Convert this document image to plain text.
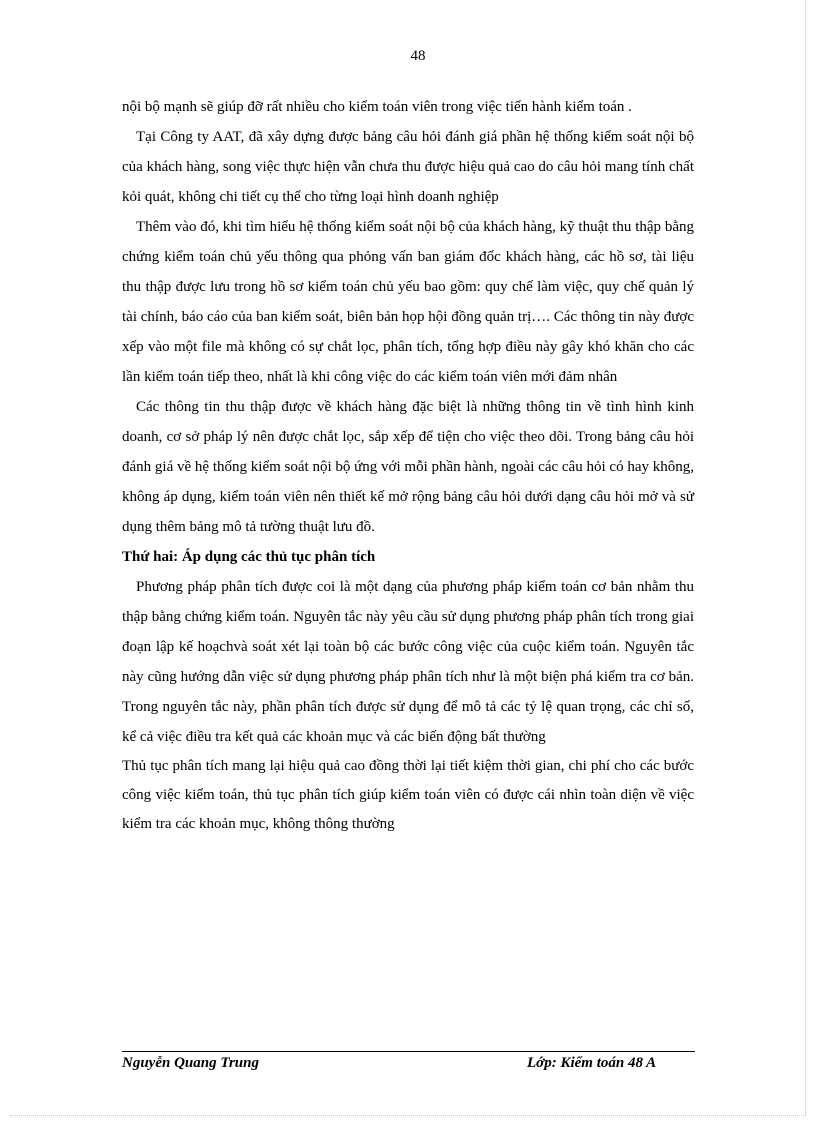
48

nội bộ mạnh sẽ giúp đỡ rất nhiều cho kiểm toán viên trong việc tiến hành kiểm toán .

Tại Công ty AAT, đã xây dựng được bảng câu hỏi đánh giá phần hệ thống kiểm soát nội bộ của khách hàng, song việc thực hiện vẫn chưa thu được hiệu quả cao do câu hỏi mang tính chất kỏi quát, không chi tiết cụ thể cho từng loại hình doanh nghiệp

Thêm vào đó, khi tìm hiểu hệ thống kiểm soát nội bộ của khách hàng, kỹ thuật thu thập bằng chứng kiểm toán chủ yếu thông qua phỏng vấn ban giám đốc khách hàng, các hồ sơ, tài liệu thu thập được lưu trong hồ sơ kiểm toán chủ yếu bao gồm: quy chế làm việc, quy chế quản lý tài chính, báo cáo của ban kiểm soát, biên bản họp hội đồng quản trị…. Các thông tin này được xếp vào một file mà không có sự chắt lọc, phân tích, tổng hợp điều này gây khó khăn cho các lần kiểm toán tiếp theo, nhất là khi công việc do các kiểm toán viên mới đảm nhân

Các thông tin thu thập được về khách hàng đặc biệt là những thông tin về tình hình kinh doanh, cơ sở pháp lý nên được chắt lọc, sắp xếp để tiện cho việc theo dõi. Trong bảng câu hỏi đánh giá về hệ thống kiểm soát nội bộ ứng với mỗi phần hành, ngoài các câu hỏi có hay không, không áp dụng, kiểm toán viên nên thiết kế mở rộng bảng câu hỏi dưới dạng câu hỏi mở và sử dụng thêm bảng mô tả tường thuật lưu đồ.

Thứ hai: Áp dụng các thủ tục phân tích

Phương pháp phân tích được coi là một dạng của phương pháp kiểm toán cơ bản nhằm thu thập bằng chứng kiểm toán. Nguyên tắc này yêu cầu sử dụng phương pháp phân tích trong giai đoạn lập kế hoạchvà soát xét lại toàn bộ các bước công việc của cuộc kiểm toán. Nguyên tắc này cũng hướng dẫn việc sử dụng phương pháp phân tích như là một biện phá kiểm tra cơ bản. Trong nguyên tắc này, phần phân tích được sử dụng để mô tả các tỷ lệ quan trọng, các chỉ số, kể cả việc điều tra kết quả các khoản mục và các biến động bất thường

Thủ tục phân tích mang lại hiệu quả cao đồng thời lại tiết kiệm thời gian, chi phí cho các bước công việc kiểm toán, thủ tục phân tích giúp kiểm toán viên có được cái nhìn toàn diện về việc kiểm tra các khoản mục, không thông thường

Nguyễn Quang Trung	Lớp: Kiểm toán 48 A
